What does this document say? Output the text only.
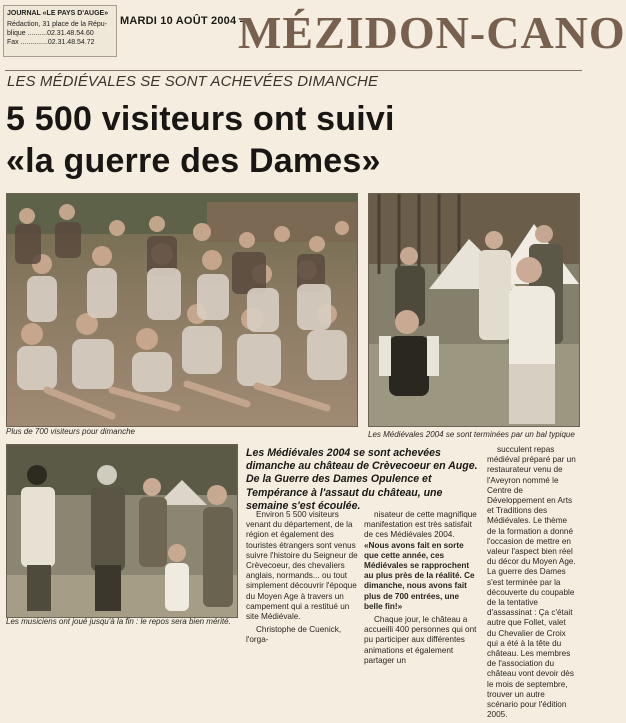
JOURNAL «LE PAYS D'AUGE»
Rédaction, 31 place de la Répu-
blique ..........02.31.48.54.60
Fax ..............02.31.48.54.72
MARDI 10 AOÛT 2004 -
MÉZIDON-CANO
LES MÉDIÉVALES SE SONT ACHEVÉES DIMANCHE
5 500 visiteurs ont suivi
«la guerre des Dames»
Plus de 700 visiteurs pour dimanche	Les Médiévales 2004 se sont terminées par un bal typique
Les musiciens ont joué jusqu'à la fin : le repos sera bien mérité.
Les Médiévales 2004 se sont achevées dimanche au château de Crèvecoeur en Auge. De la Guerre des Dames Opulence et Tempérance à l'assaut du château, une semaine s'est écoulée.

Environ 5 500 visiteurs venant du département, de la région et également des touristes étrangers sont venus suivre l'histoire du Seigneur de Crèvecoeur, des chevaliers anglais, normands... ou tout simplement découvrir l'époque du Moyen Age à travers un campement qui a restitué un site Médiévale.

Christophe de Cuenick, l'orga-

nisateur de cette magnifique manifestation est très satisfait de ces Médiévales 2004. «Nous avons fait en sorte que cette année, ces Médiévales se rapprochent au plus près de la réalité. Ce dimanche, nous avons fait plus de 700 entrées, une belle fin!»

Chaque jour, le château a accueilli 400 personnes qui ont pu participer aux différentes animations et également partager un

succulent repas médiéval préparé par un restaurateur venu de l'Aveyron nommé le Centre de Développement en Arts et Traditions des Médiévales. Le thème de la formation a donné l'occasion de mettre en valeur l'aspect bien réel du décor du Moyen Age. La guerre des Dames s'est terminée par la découverte du coupable de la tentative d'assassinat : Ça c'était autre que Follet, valet du Chevalier de Croix qui a été à la tête du château. Les membres de l'association du château vont devoir dès le mois de septembre, trouver un autre scénario pour l'édition 2005.
